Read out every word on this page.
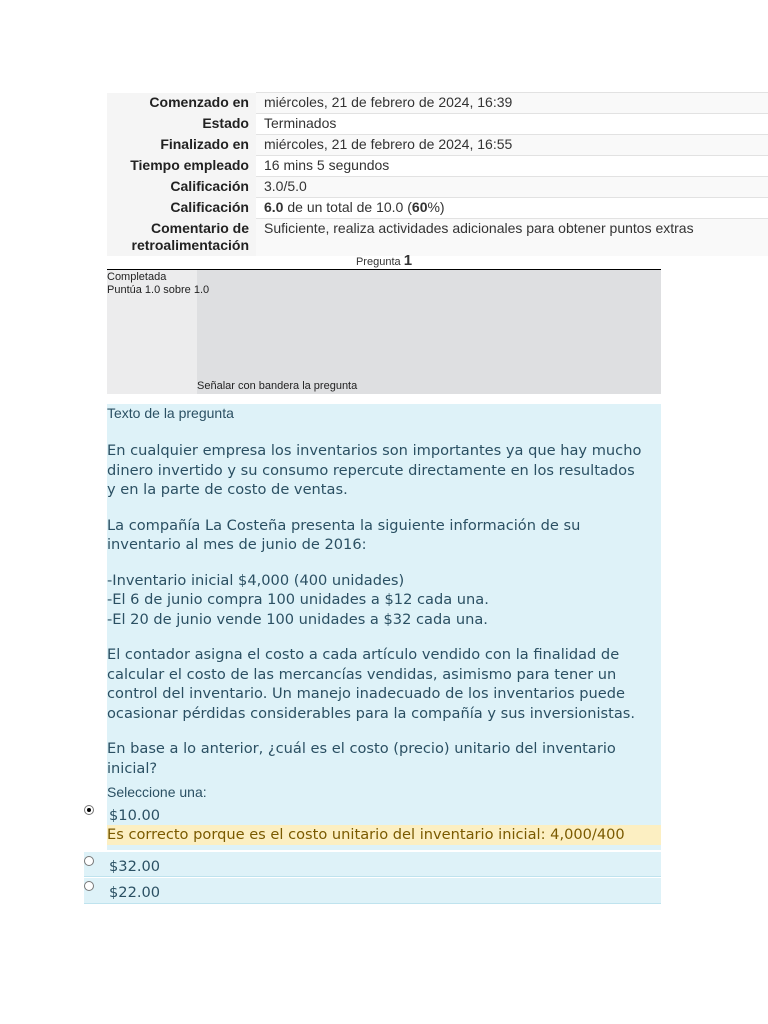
Comenzado en	miércoles, 21 de febrero de 2024, 16:39
Estado	Terminados
Finalizado en	miércoles, 21 de febrero de 2024, 16:55
Tiempo empleado	16 mins 5 segundos
Calificación	3.0/5.0
Calificación	6.0 de un total de 10.0 (60%)
Comentario de
retroalimentación	Suficiente, realiza actividades adicionales para obtener puntos extras
Pregunta 1
Completada
Puntúa 1.0 sobre 1.0
Señalar con bandera la pregunta
Texto de la pregunta

En cualquier empresa los inventarios son importantes ya que hay mucho
dinero invertido y su consumo repercute directamente en los resultados
y en la parte de costo de ventas.

La compañía La Costeña presenta la siguiente información de su
inventario al mes de junio de 2016:

-Inventario inicial $4,000 (400 unidades)
-El 6 de junio compra 100 unidades a $12 cada una.
-El 20 de junio vende 100 unidades a $32 cada una.

El contador asigna el costo a cada artículo vendido con la finalidad de
calcular el costo de las mercancías vendidas, asimismo para tener un
control del inventario. Un manejo inadecuado de los inventarios puede
ocasionar pérdidas considerables para la compañía y sus inversionistas.

En base a lo anterior, ¿cuál es el costo (precio) unitario del inventario
inicial?

Seleccione una:
$10.00
Es correcto porque es el costo unitario del inventario inicial: 4,000/400
$32.00
$22.00
